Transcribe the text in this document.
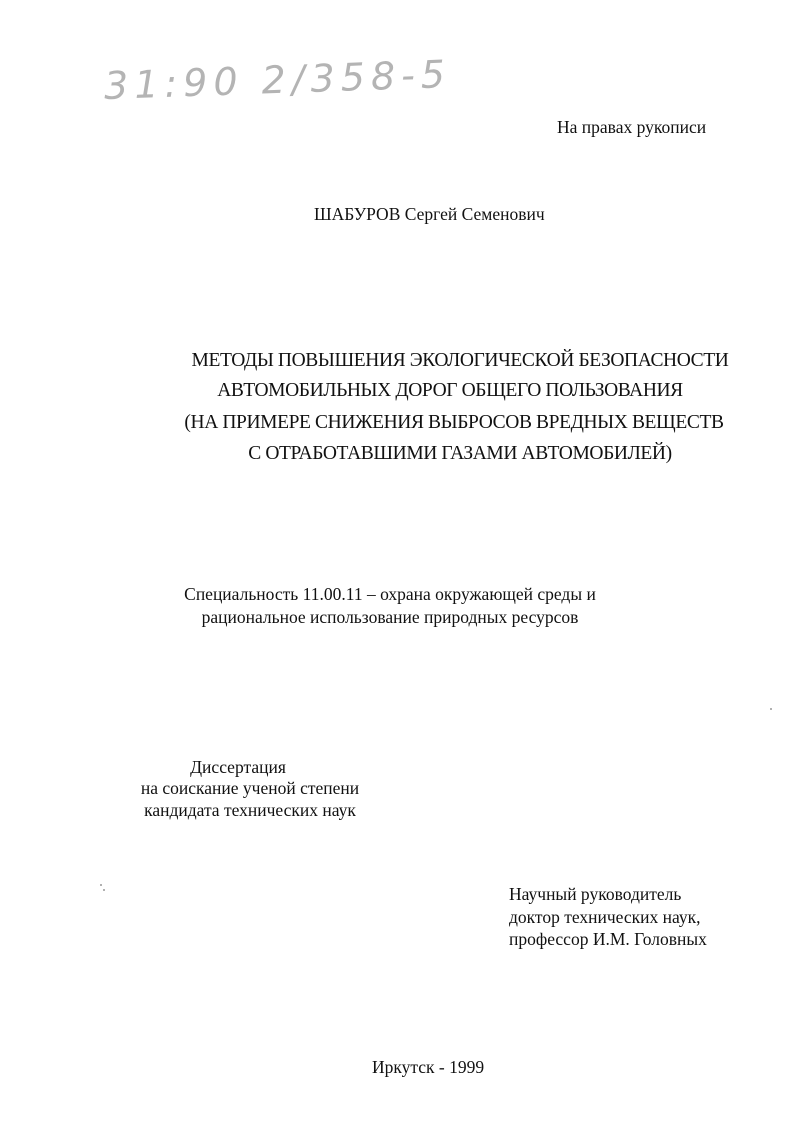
31:90 2/358-5
На правах рукописи
ШАБУРОВ Сергей Семенович
МЕТОДЫ ПОВЫШЕНИЯ ЭКОЛОГИЧЕСКОЙ БЕЗОПАСНОСТИ
АВТОМОБИЛЬНЫХ ДОРОГ ОБЩЕГО ПОЛЬЗОВАНИЯ
(НА ПРИМЕРЕ СНИЖЕНИЯ ВЫБРОСОВ ВРЕДНЫХ ВЕЩЕСТВ
С ОТРАБОТАВШИМИ ГАЗАМИ АВТОМОБИЛЕЙ)
Специальность 11.00.11 – охрана окружающей среды и
рациональное использование природных ресурсов
Диссертация
на соискание ученой степени
кандидата технических наук
Научный руководитель
доктор технических наук,
профессор И.М. Головных
Иркутск - 1999
